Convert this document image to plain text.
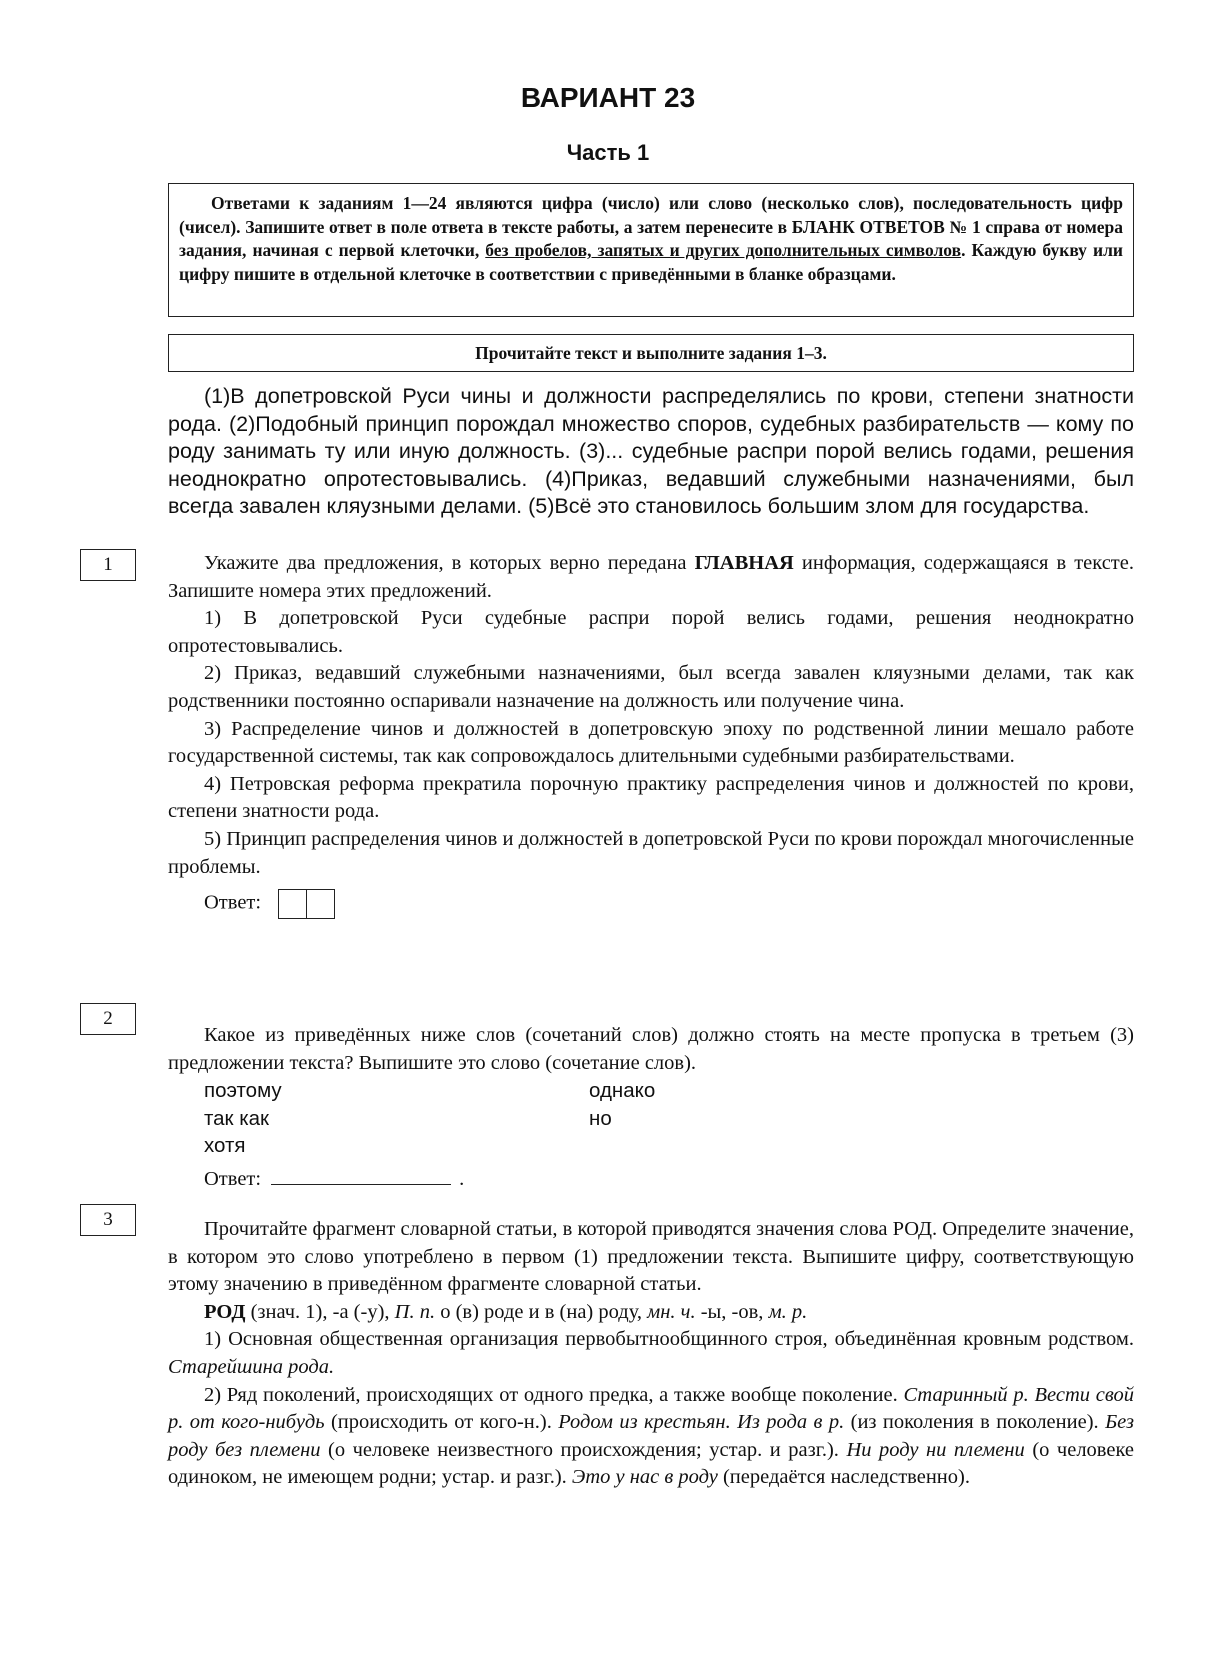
ВАРИАНТ 23
Часть 1

Ответами к заданиям 1—24 являются цифра (число) или слово (несколько слов), последовательность цифр (чисел). Запишите ответ в поле ответа в тексте работы, а затем перенесите в БЛАНК ОТВЕТОВ № 1 справа от номера задания, начиная с первой клеточки, без пробелов, запятых и других дополнительных символов. Каждую букву или цифру пишите в отдельной клеточке в соответствии с приведёнными в бланке образцами.

Прочитайте текст и выполните задания 1–3.

(1)В допетровской Руси чины и должности распределялись по крови, степени знатности рода. (2)Подобный принцип порождал множество споров, судебных разбирательств — кому по роду занимать ту или иную должность. (3)... судебные распри порой велись годами, решения неоднократно опротестовывались. (4)Приказ, ведавший служебными назначениями, был всегда завален кляузными делами. (5)Всё это становилось большим злом для государства.

1	Укажите два предложения, в которых верно передана ГЛАВНАЯ информация, содержащаяся в тексте. Запишите номера этих предложений.

1) В допетровской Руси судебные распри порой велись годами, решения неоднократно опротестовывались.

2) Приказ, ведавший служебными назначениями, был всегда завален кляузными делами, так как родственники постоянно оспаривали назначение на должность или получение чина.

3) Распределение чинов и должностей в допетровскую эпоху по родственной линии мешало работе государственной системы, так как сопровождалось длительными судебными разбирательствами.

4) Петровская реформа прекратила порочную практику распределения чинов и должностей по крови, степени знатности рода.

5) Принцип распределения чинов и должностей в допетровской Руси по крови порождал многочисленные проблемы.

Ответ:
2

Какое из приведённых ниже слов (сочетаний слов) должно стоять на месте пропуска в третьем (3) предложении текста? Выпишите это слово (сочетание слов).

поэтому	однако
так как	но
хотя
Ответ:	.
3	Прочитайте фрагмент словарной статьи, в которой приводятся значения слова РОД. Определите значение, в котором это слово употреблено в первом (1) предложении текста. Выпишите цифру, соответствующую этому значению в приведённом фрагменте словарной статьи.

РОД (знач. 1), -а (-у), П. п. о (в) роде и в (на) роду, мн. ч. -ы, -ов, м. р.

1) Основная общественная организация первобытнообщинного строя, объединённая кровным родством. Старейшина рода.

2) Ряд поколений, происходящих от одного предка, а также вообще поколение. Старинный р. Вести свой р. от кого-нибудь (происходить от кого-н.). Родом из крестьян. Из рода в р. (из поколения в поколение). Без роду без племени (о человеке неизвестного происхождения; устар. и разг.). Ни роду ни племени (о человеке одиноком, не имеющем родни; устар. и разг.). Это у нас в роду (передаётся наследственно).
